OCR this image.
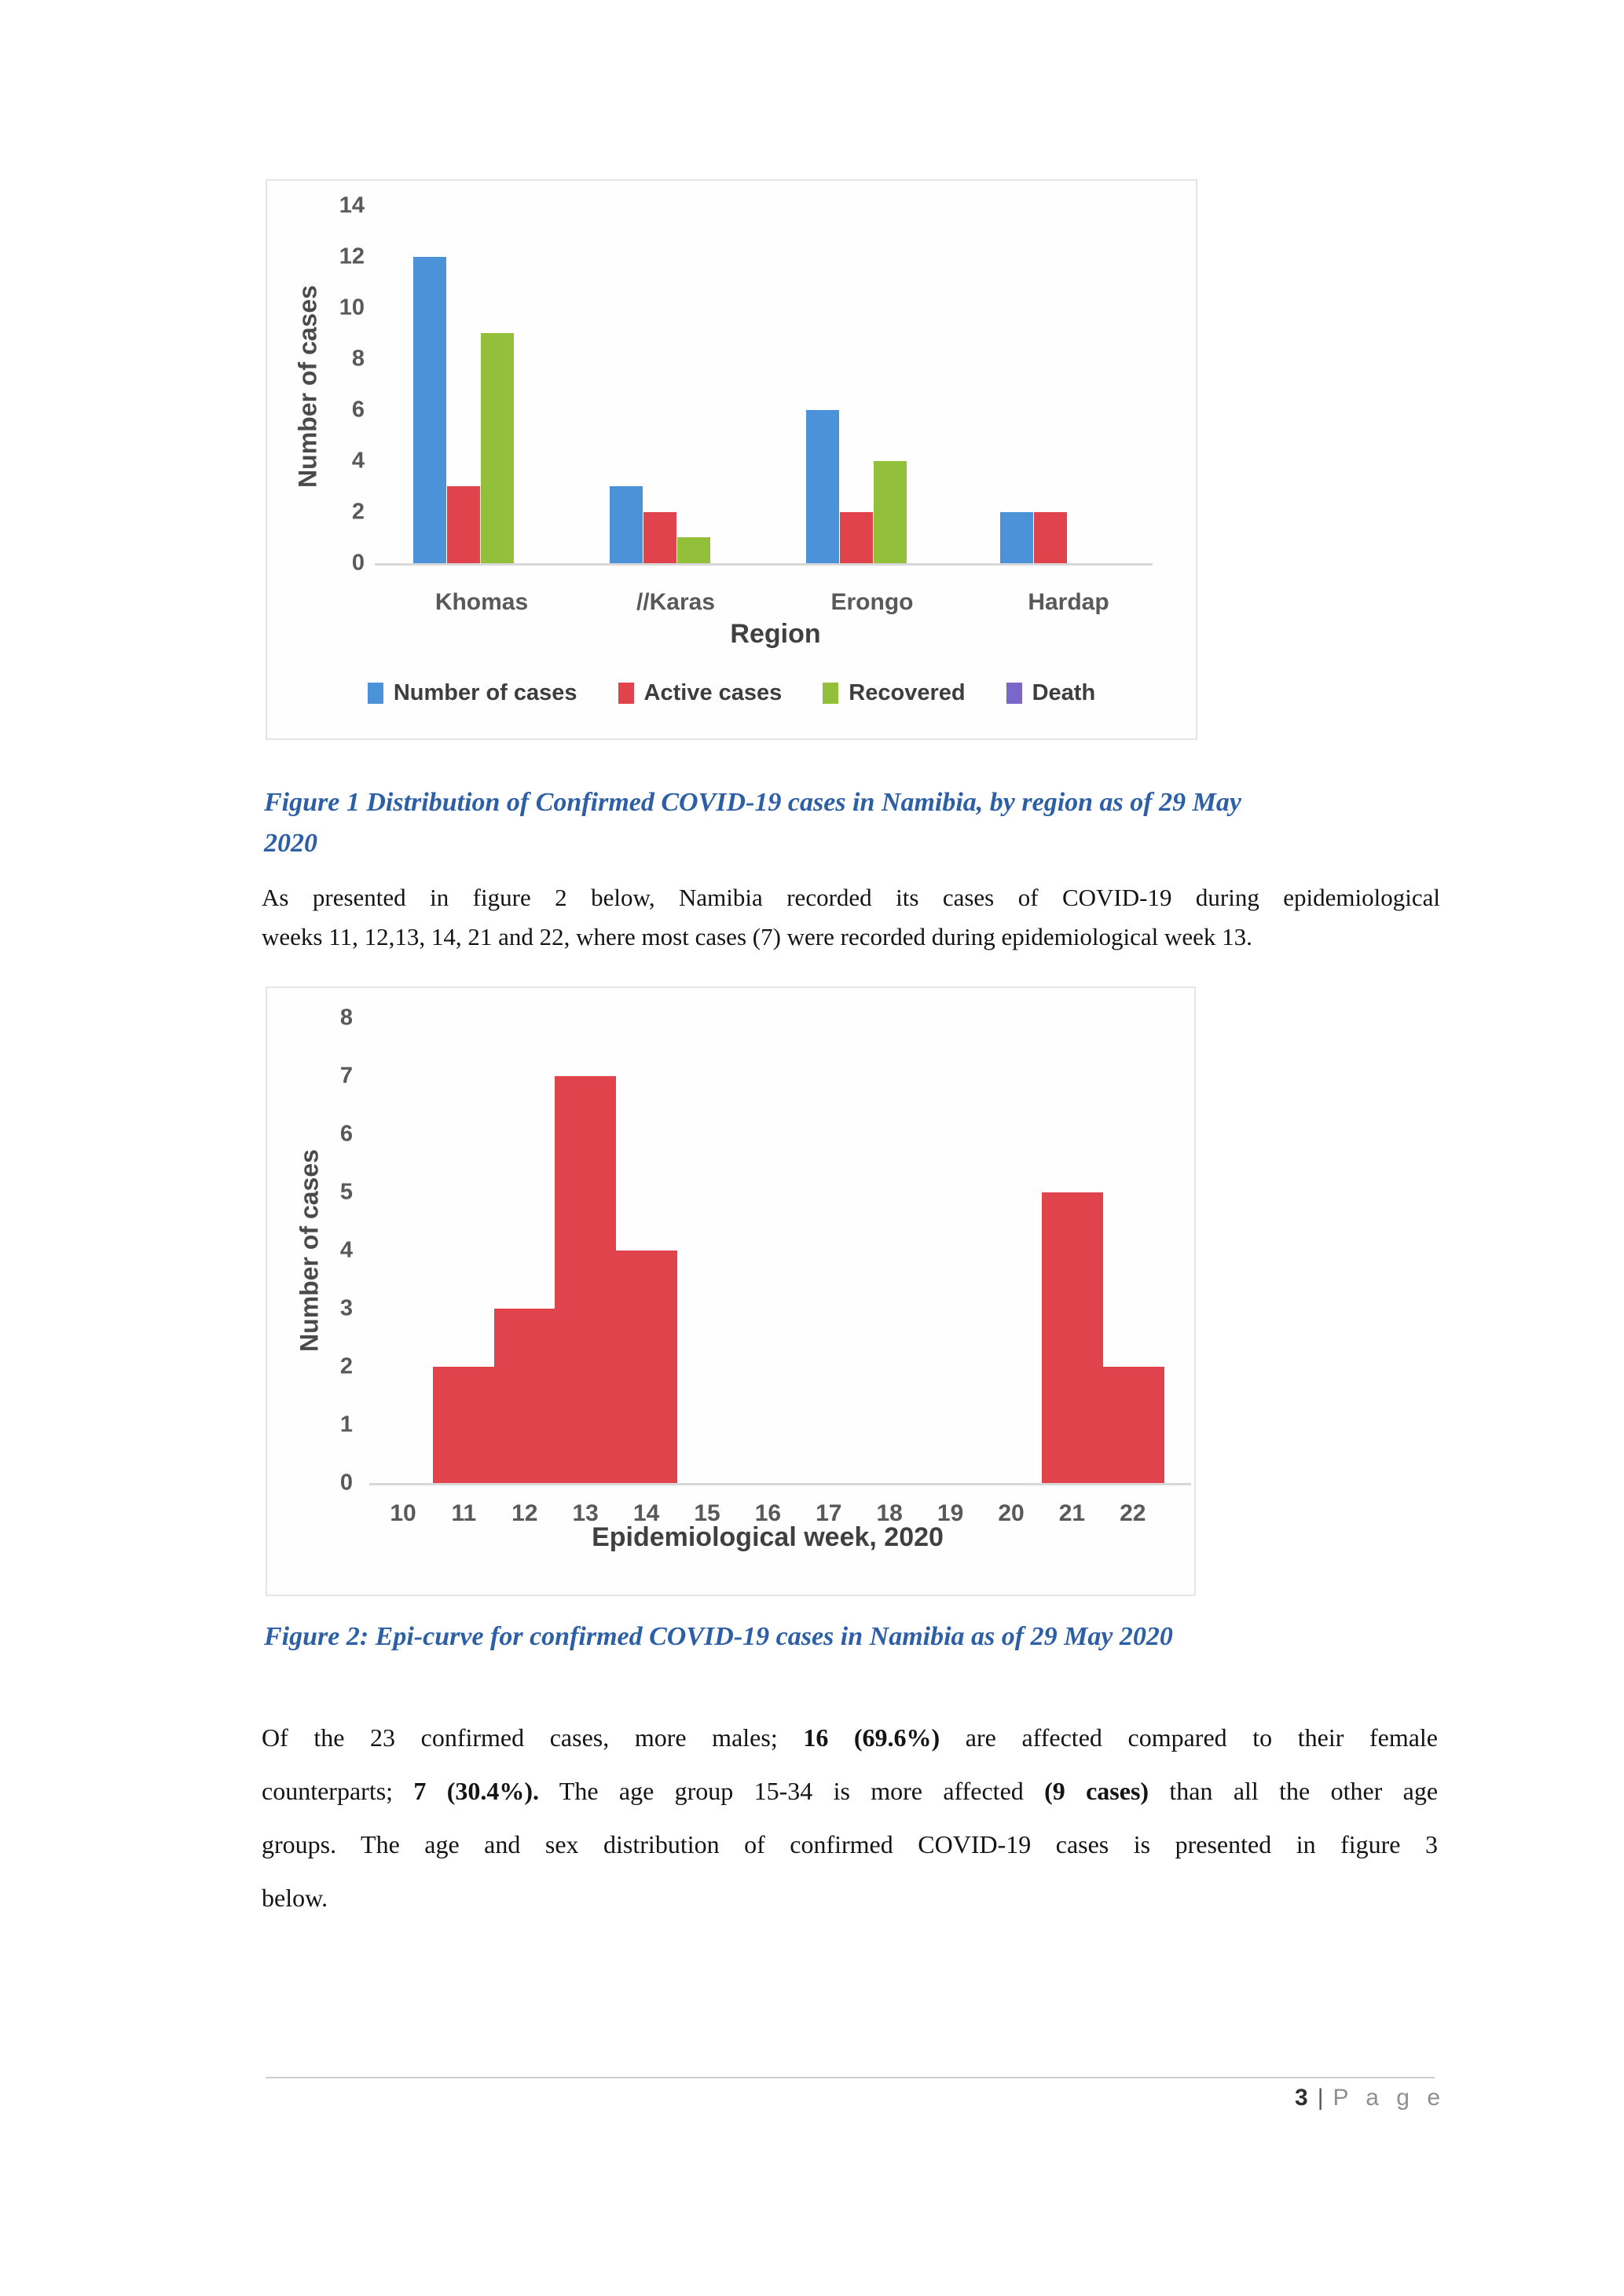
Number of cases
0
2
4
6
8
10
12
14
Khomas	//Karas	Erongo	Hardap
Region
Number of cases	Active cases	Recovered	Death
Figure 1 Distribution of Confirmed COVID-19 cases in Namibia, by region as of 29 May
2020
As presented in figure 2 below, Namibia recorded its cases of COVID-19 during epidemiological
weeks 11, 12,13, 14, 21 and 22, where most cases (7) were recorded during epidemiological week 13.
Number of cases
0
1
2
3
4
5
6
7
8
10 11 12 13 14 15 16 17 18 19 20 21 22
Epidemiological week, 2020
Figure 2: Epi-curve for confirmed COVID-19 cases in Namibia as of 29 May 2020
Of the 23 confirmed cases, more males; 16 (69.6%) are affected compared to their female
counterparts; 7 (30.4%). The age group 15-34 is more affected (9 cases) than all the other age
groups. The age and sex distribution of confirmed COVID-19 cases is presented in figure 3
below.
3 | P a g e
